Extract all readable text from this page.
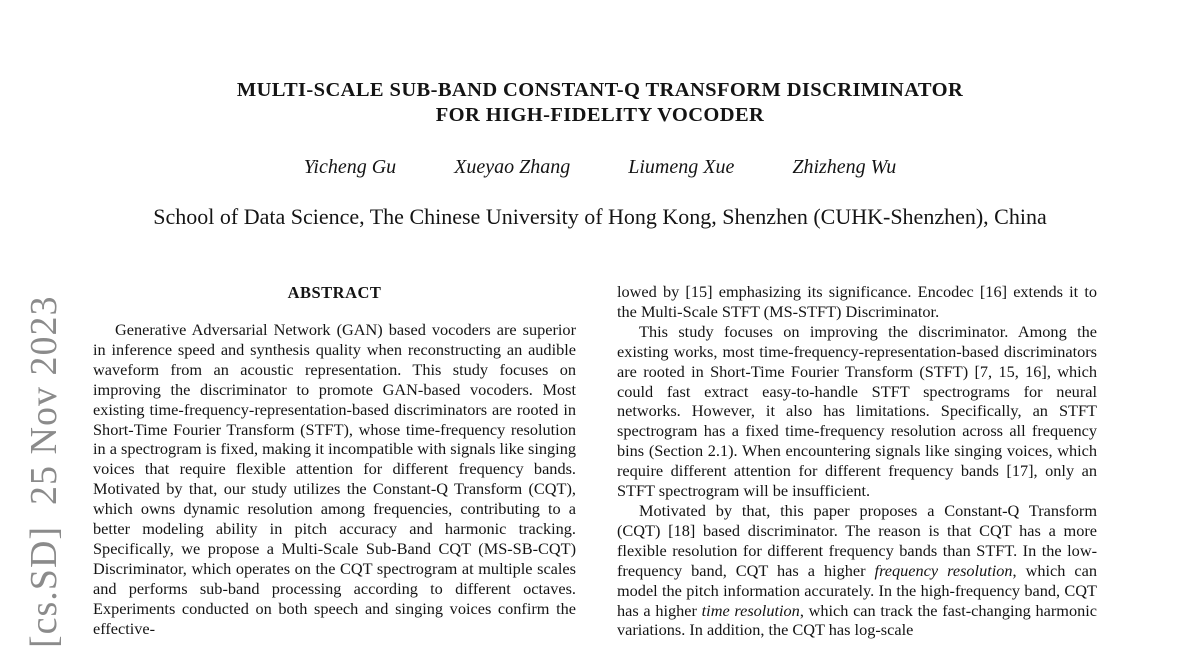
[cs.SD]  25 Nov 2023
MULTI-SCALE SUB-BAND CONSTANT-Q TRANSFORM DISCRIMINATOR
FOR HIGH-FIDELITY VOCODER
Yicheng Gu	Xueyao Zhang	Liumeng Xue	Zhizheng Wu
School of Data Science, The Chinese University of Hong Kong, Shenzhen (CUHK-Shenzhen), China
ABSTRACT

Generative Adversarial Network (GAN) based vocoders are superior in inference speed and synthesis quality when reconstructing an audible waveform from an acoustic representation. This study focuses on improving the discriminator to promote GAN-based vocoders. Most existing time-frequency-representation-based discriminators are rooted in Short-Time Fourier Transform (STFT), whose time-frequency resolution in a spectrogram is fixed, making it incompatible with signals like singing voices that require flexible attention for different frequency bands. Motivated by that, our study utilizes the Constant-Q Transform (CQT), which owns dynamic resolution among frequencies, contributing to a better modeling ability in pitch accuracy and harmonic tracking. Specifically, we propose a Multi-Scale Sub-Band CQT (MS-SB-CQT) Discriminator, which operates on the CQT spectrogram at multiple scales and performs sub-band processing according to different octaves. Experiments conducted on both speech and singing voices confirm the effective-

lowed by [15] emphasizing its significance. Encodec [16] extends it to the Multi-Scale STFT (MS-STFT) Discriminator.

This study focuses on improving the discriminator. Among the existing works, most time-frequency-representation-based discriminators are rooted in Short-Time Fourier Transform (STFT) [7, 15, 16], which could fast extract easy-to-handle STFT spectrograms for neural networks. However, it also has limitations. Specifically, an STFT spectrogram has a fixed time-frequency resolution across all frequency bins (Section 2.1). When encountering signals like singing voices, which require different attention for different frequency bands [17], only an STFT spectrogram will be insufficient.

Motivated by that, this paper proposes a Constant-Q Transform (CQT) [18] based discriminator. The reason is that CQT has a more flexible resolution for different frequency bands than STFT. In the low-frequency band, CQT has a higher frequency resolution, which can model the pitch information accurately. In the high-frequency band, CQT has a higher time resolution, which can track the fast-changing harmonic variations. In addition, the CQT has log-scale
